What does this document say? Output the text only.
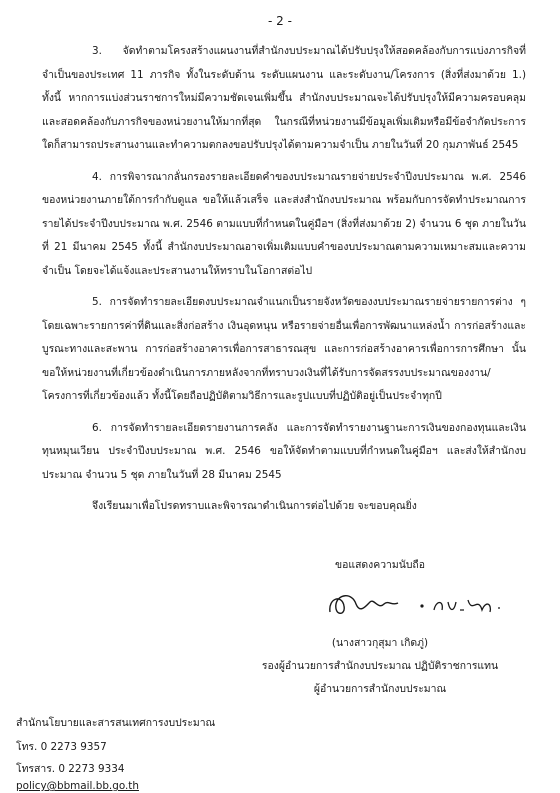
- 2 -

3. จัดทำตามโครงสร้างแผนงานที่สำนักงบประมาณได้ปรับปรุงให้สอดคล้องกับการแบ่งภารกิจที่จำเป็นของประเทศ 11 ภารกิจ ทั้งในระดับด้าน ระดับแผนงาน และระดับงาน/โครงการ (สิ่งที่ส่งมาด้วย 1.) ทั้งนี้ หากการแบ่งส่วนราชการใหม่มีความชัดเจนเพิ่มขึ้น สำนักงบประมาณจะได้ปรับปรุงให้มีความครอบคลุมและสอดคล้องกับภารกิจของหน่วยงานให้มากที่สุด ในกรณีที่หน่วยงานมีข้อมูลเพิ่มเติมหรือมีข้อจำกัดประการใดก็สามารถประสานงานและทำความตกลงขอปรับปรุงได้ตามความจำเป็น ภายในวันที่ 20 กุมภาพันธ์ 2545

4. การพิจารณากลั่นกรองรายละเอียดคำของบประมาณรายจ่ายประจำปีงบประมาณ พ.ศ. 2546 ของหน่วยงานภายใต้การกำกับดูแล ขอให้แล้วเสร็จ และส่งสำนักงบประมาณ พร้อมกับการจัดทำประมาณการรายได้ประจำปีงบประมาณ พ.ศ. 2546 ตามแบบที่กำหนดในคู่มือฯ (สิ่งที่ส่งมาด้วย 2) จำนวน 6 ชุด ภายในวันที่ 21 มีนาคม 2545 ทั้งนี้ สำนักงบประมาณอาจเพิ่มเติมแบบคำของบประมาณตามความเหมาะสมและความจำเป็น โดยจะได้แจ้งและประสานงานให้ทราบในโอกาสต่อไป

5. การจัดทำรายละเอียดงบประมาณจำแนกเป็นรายจังหวัดของงบประมาณรายจ่ายรายการต่าง ๆ โดยเฉพาะรายการค่าที่ดินและสิ่งก่อสร้าง เงินอุดหนุน หรือรายจ่ายอื่นเพื่อการพัฒนาแหล่งน้ำ การก่อสร้างและบูรณะทางและสะพาน การก่อสร้างอาคารเพื่อการสาธารณสุข และการก่อสร้างอาคารเพื่อการการศึกษา นั้น ขอให้หน่วยงานที่เกี่ยวข้องดำเนินการภายหลังจากที่ทราบวงเงินที่ได้รับการจัดสรรงบประมาณของงาน/โครงการที่เกี่ยวข้องแล้ว ทั้งนี้โดยถือปฏิบัติตามวิธีการและรูปแบบที่ปฏิบัติอยู่เป็นประจำทุกปี

6. การจัดทำรายละเอียดรายงานการคลัง และการจัดทำรายงานฐานะการเงินของกองทุนและเงินทุนหมุนเวียน ประจำปีงบประมาณ พ.ศ. 2546 ขอให้จัดทำตามแบบที่กำหนดในคู่มือฯ และส่งให้สำนักงบประมาณ จำนวน 5 ชุด ภายในวันที่ 28 มีนาคม 2545

จึงเรียนมาเพื่อโปรดทราบและพิจารณาดำเนินการต่อไปด้วย จะขอบคุณยิ่ง

ขอแสดงความนับถือ
(นางสาวกุสุมา เกิดภู่)
รองผู้อำนวยการสำนักงบประมาณ ปฏิบัติราชการแทน
ผู้อำนวยการสำนักงบประมาณ
สำนักนโยบายและสารสนเทศการงบประมาณ
โทร. 0 2273 9357
โทรสาร. 0 2273 9334
policy@bbmail.bb.go.th
